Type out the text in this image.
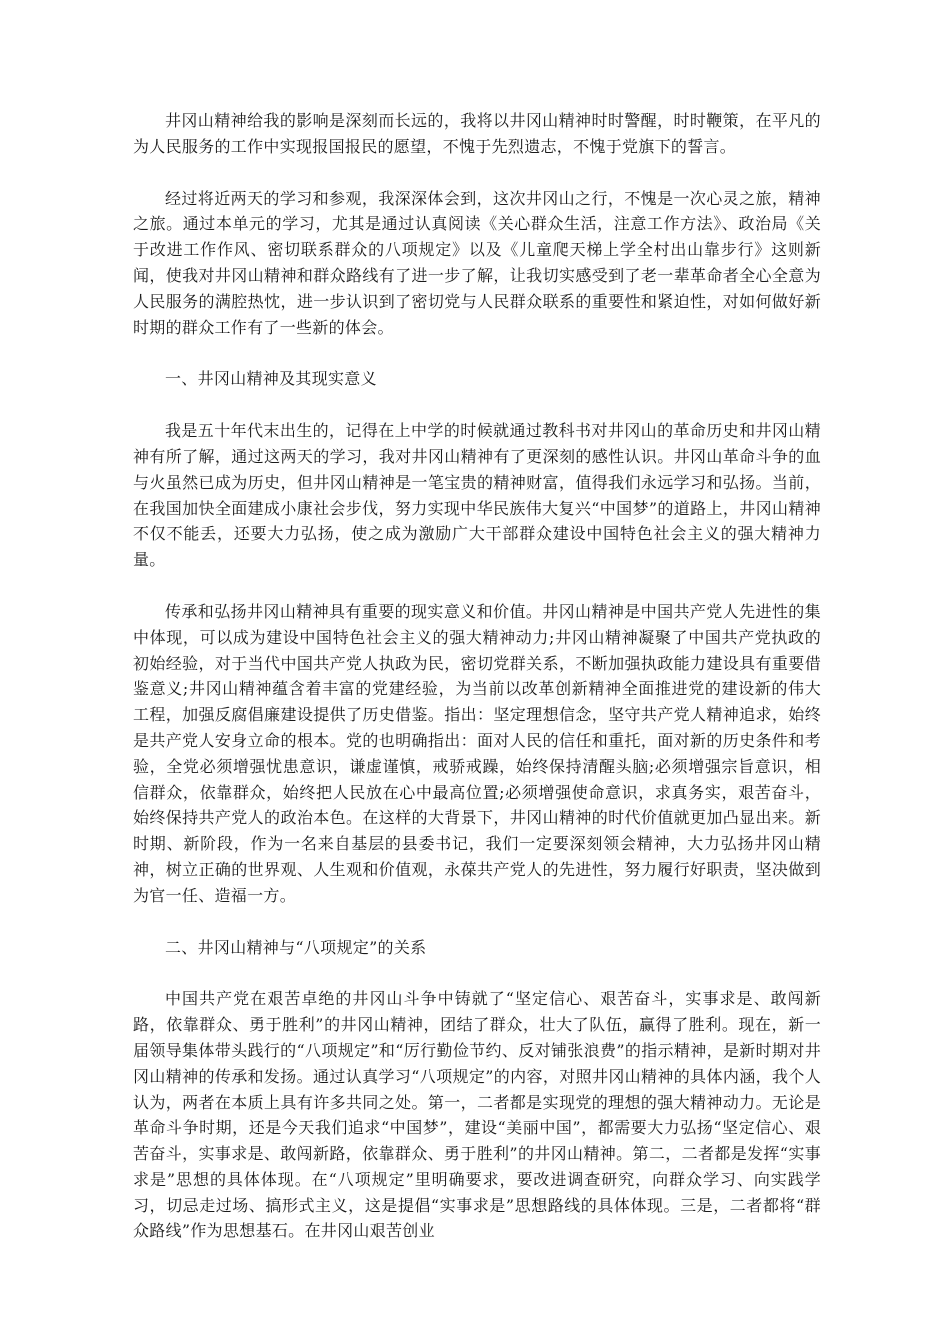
井冈山精神给我的影响是深刻而长远的，我将以井冈山精神时时警醒，时时鞭策，在平凡的为人民服务的工作中实现报国报民的愿望，不愧于先烈遗志，不愧于党旗下的誓言。

经过将近两天的学习和参观，我深深体会到，这次井冈山之行，不愧是一次心灵之旅，精神之旅。通过本单元的学习，尤其是通过认真阅读《关心群众生活，注意工作方法》、政治局《关于改进工作作风、密切联系群众的八项规定》以及《儿童爬天梯上学全村出山靠步行》这则新闻，使我对井冈山精神和群众路线有了进一步了解，让我切实感受到了老一辈革命者全心全意为人民服务的满腔热忱，进一步认识到了密切党与人民群众联系的重要性和紧迫性，对如何做好新时期的群众工作有了一些新的体会。

一、井冈山精神及其现实意义

我是五十年代末出生的，记得在上中学的时候就通过教科书对井冈山的革命历史和井冈山精神有所了解，通过这两天的学习，我对井冈山精神有了更深刻的感性认识。井冈山革命斗争的血与火虽然已成为历史，但井冈山精神是一笔宝贵的精神财富，值得我们永远学习和弘扬。当前，在我国加快全面建成小康社会步伐，努力实现中华民族伟大复兴“中国梦”的道路上，井冈山精神不仅不能丢，还要大力弘扬，使之成为激励广大干部群众建设中国特色社会主义的强大精神力量。

传承和弘扬井冈山精神具有重要的现实意义和价值。井冈山精神是中国共产党人先进性的集中体现，可以成为建设中国特色社会主义的强大精神动力;井冈山精神凝聚了中国共产党执政的初始经验，对于当代中国共产党人执政为民，密切党群关系，不断加强执政能力建设具有重要借鉴意义;井冈山精神蕴含着丰富的党建经验，为当前以改革创新精神全面推进党的建设新的伟大工程，加强反腐倡廉建设提供了历史借鉴。指出：坚定理想信念，坚守共产党人精神追求，始终是共产党人安身立命的根本。党的也明确指出：面对人民的信任和重托，面对新的历史条件和考验，全党必须增强忧患意识，谦虚谨慎，戒骄戒躁，始终保持清醒头脑;必须增强宗旨意识，相信群众，依靠群众，始终把人民放在心中最高位置;必须增强使命意识，求真务实，艰苦奋斗，始终保持共产党人的政治本色。在这样的大背景下，井冈山精神的时代价值就更加凸显出来。新时期、新阶段，作为一名来自基层的县委书记，我们一定要深刻领会精神，大力弘扬井冈山精神，树立正确的世界观、人生观和价值观，永葆共产党人的先进性，努力履行好职责，坚决做到为官一任、造福一方。

二、井冈山精神与“八项规定”的关系

中国共产党在艰苦卓绝的井冈山斗争中铸就了“坚定信心、艰苦奋斗，实事求是、敢闯新路，依靠群众、勇于胜利”的井冈山精神，团结了群众，壮大了队伍，赢得了胜利。现在，新一届领导集体带头践行的“八项规定”和“厉行勤俭节约、反对铺张浪费”的指示精神，是新时期对井冈山精神的传承和发扬。通过认真学习“八项规定”的内容，对照井冈山精神的具体内涵，我个人认为，两者在本质上具有许多共同之处。第一，二者都是实现党的理想的强大精神动力。无论是革命斗争时期，还是今天我们追求“中国梦”，建设“美丽中国”，都需要大力弘扬“坚定信心、艰苦奋斗，实事求是、敢闯新路，依靠群众、勇于胜利”的井冈山精神。第二，二者都是发挥“实事求是”思想的具体体现。在“八项规定”里明确要求，要改进调查研究，向群众学习、向实践学习，切忌走过场、搞形式主义，这是提倡“实事求是”思想路线的具体体现。三是，二者都将“群众路线”作为思想基石。在井冈山艰苦创业
